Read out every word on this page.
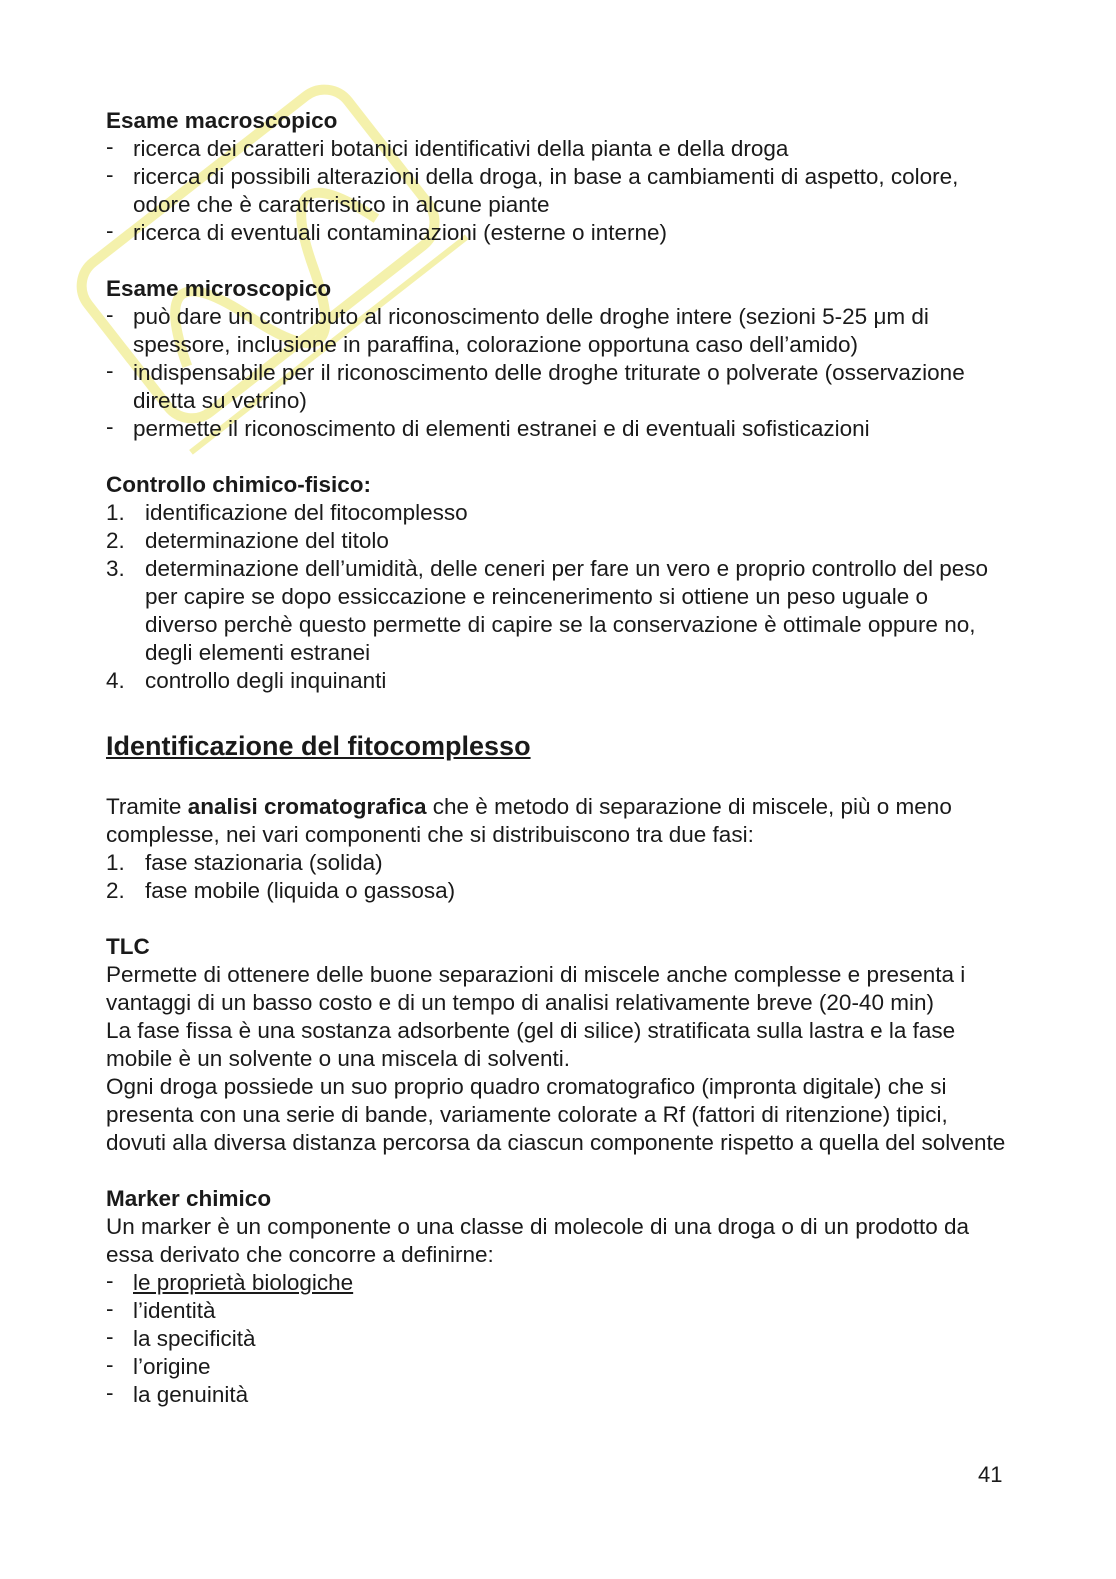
Esame macroscopico

- ricerca dei caratteri botanici identificativi della pianta e della droga
- ricerca di possibili alterazioni della droga, in base a cambiamenti di aspetto, colore, odore che è caratteristico in alcune piante
- ricerca di eventuali contaminazioni (esterne o interne)

Esame microscopico

- può dare un contributo al riconoscimento delle droghe intere (sezioni 5-25 μm di spessore, inclusione in paraffina, colorazione opportuna caso dell’amido)
- indispensabile per il riconoscimento delle droghe triturate o polverate (osservazione diretta su vetrino)
- permette il riconoscimento di elementi estranei e di eventuali sofisticazioni

Controllo chimico-fisico:

1. identificazione del fitocomplesso
2. determinazione del titolo
3. determinazione dell’umidità, delle ceneri per fare un vero e proprio controllo del peso per capire se dopo essiccazione e reincenerimento si ottiene un peso uguale o diverso perchè questo permette di capire se la conservazione è ottimale oppure no, degli elementi estranei
4. controllo degli inquinanti

Identificazione del fitocomplesso

Tramite analisi cromatografica che è metodo di separazione di miscele, più o meno complesse, nei vari componenti che si distribuiscono tra due fasi:

1. fase stazionaria (solida)
2. fase mobile (liquida o gassosa)

TLC

Permette di ottenere delle buone separazioni di miscele anche complesse e presenta i vantaggi di un basso costo e di un tempo di analisi relativamente breve (20-40 min)

La fase fissa è una sostanza adsorbente (gel di silice) stratificata sulla lastra e la fase mobile è un solvente o una miscela di solventi.

Ogni droga possiede un suo proprio quadro cromatografico (impronta digitale) che si presenta con una serie di bande, variamente colorate a Rf (fattori di ritenzione) tipici, dovuti alla diversa distanza percorsa da ciascun componente rispetto a quella del solvente

Marker chimico

Un marker è un componente o una classe di molecole di una droga o di un prodotto da essa derivato che concorre a definirne:

- le proprietà biologiche
- l’identità
- la specificità
- l’origine
- la genuinità
41
